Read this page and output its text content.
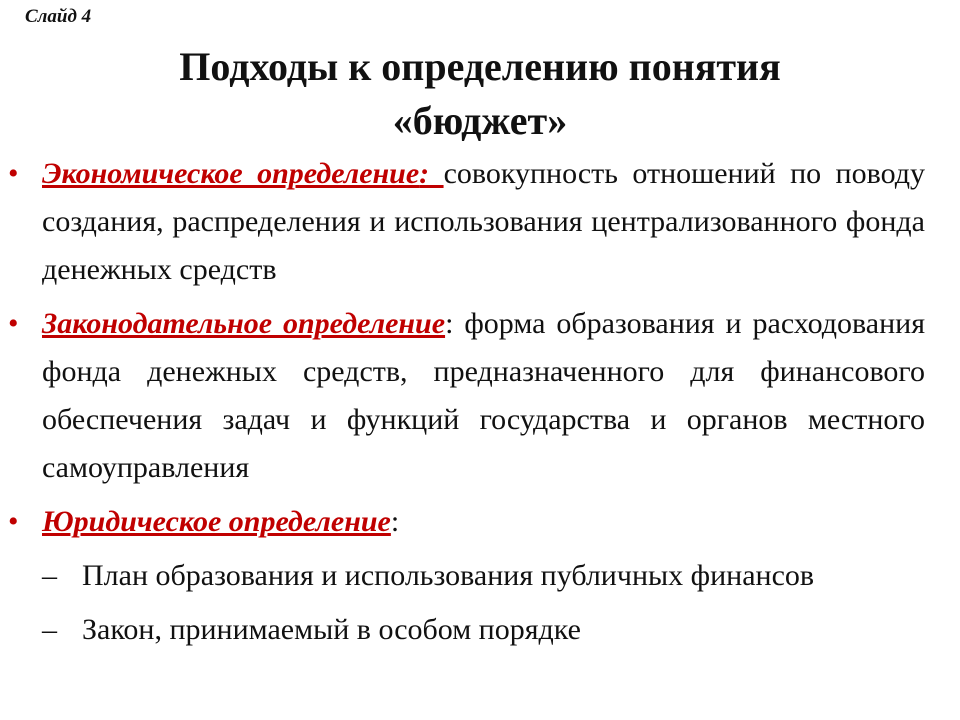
Слайд 4
Подходы к определению понятия
«бюджет»
• Экономическое определение: совокупность отношений по поводу создания, распределения и использования централизованного фонда денежных средств
• Законодательное определение: форма образования и расходования фонда денежных средств, предназначенного для финансового обеспечения задач и функций государства и органов местного самоуправления
• Юридическое определение:
– План образования и использования публичных финансов
– Закон, принимаемый в особом порядке
